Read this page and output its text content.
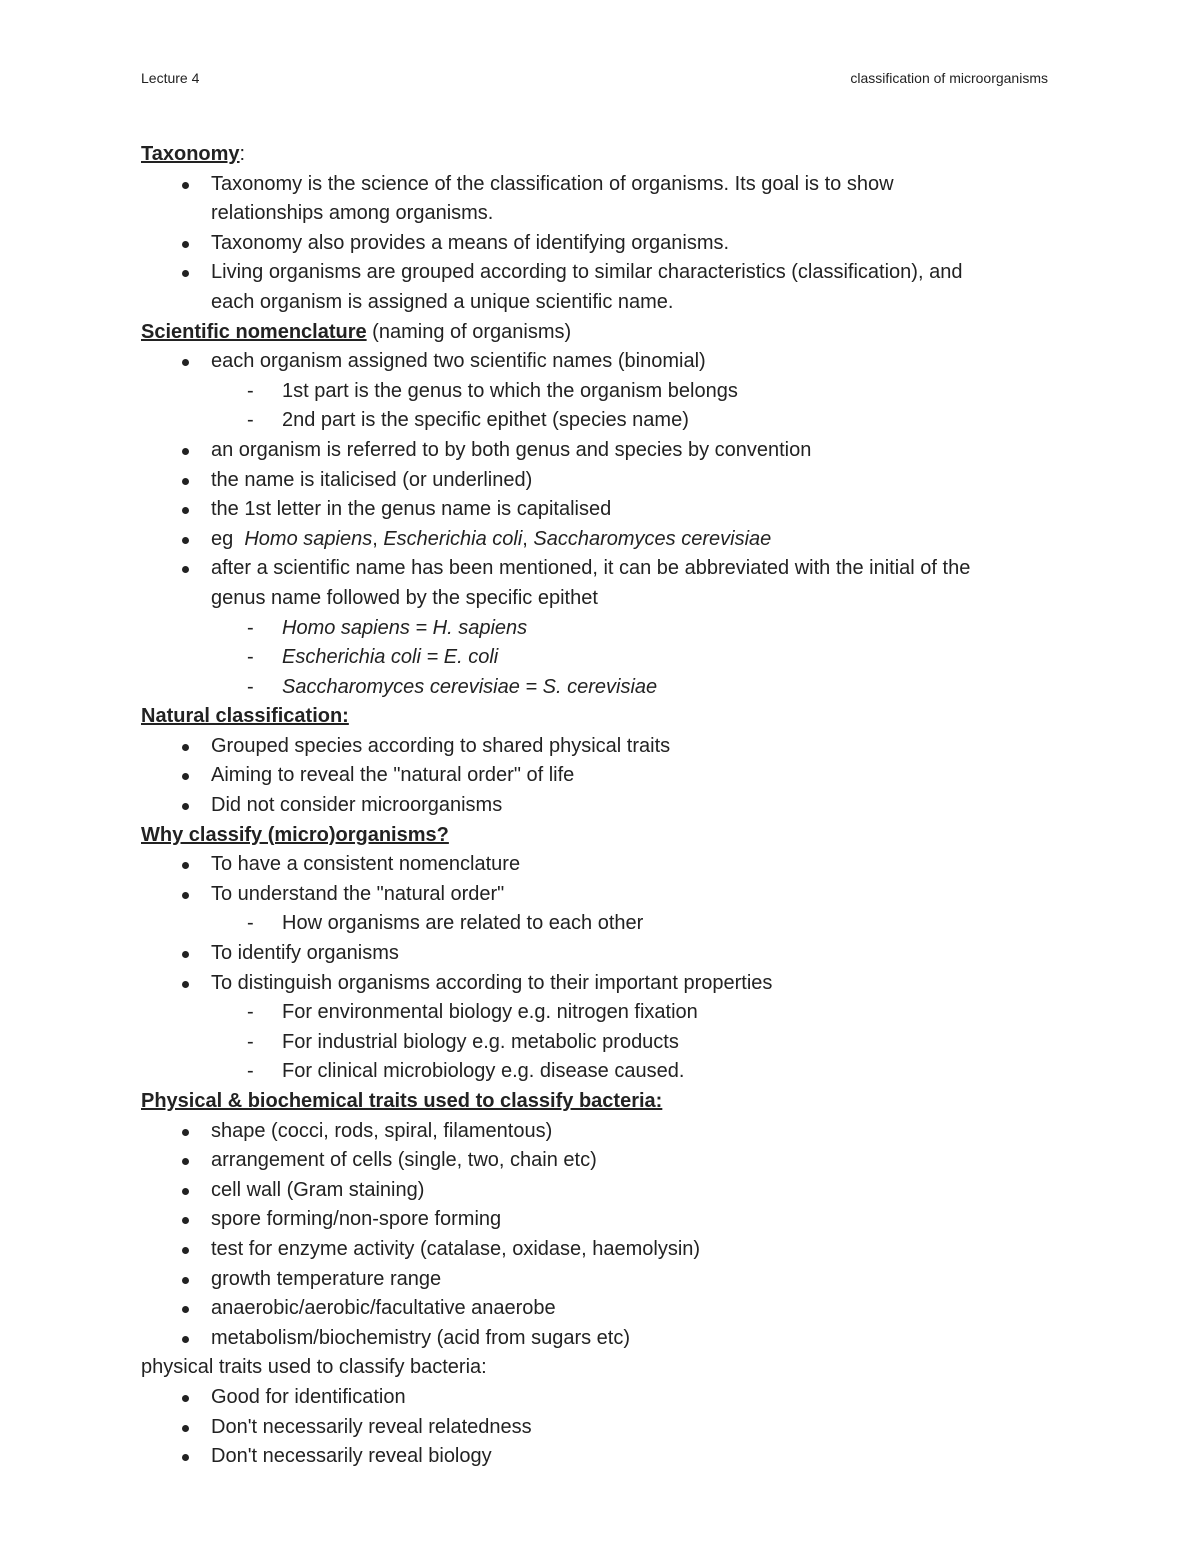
Lecture 4	classification of microorganisms
Taxonomy:
Taxonomy is the science of the classification of organisms. Its goal is to show
relationships among organisms.
Taxonomy also provides a means of identifying organisms.
Living organisms are grouped according to similar characteristics (classification), and
each organism is assigned a unique scientific name.
Scientific nomenclature (naming of organisms)
each organism assigned two scientific names (binomial)
- 1st part is the genus to which the organism belongs
- 2nd part is the specific epithet (species name)
an organism is referred to by both genus and species by convention
the name is italicised (or underlined)
the 1st letter in the genus name is capitalised
eg  Homo sapiens, Escherichia coli, Saccharomyces cerevisiae
after a scientific name has been mentioned, it can be abbreviated with the initial of the
genus name followed by the specific epithet
- Homo sapiens = H. sapiens
- Escherichia coli = E. coli
- Saccharomyces cerevisiae = S. cerevisiae
Natural classification:
Grouped species according to shared physical traits
Aiming to reveal the "natural order" of life
Did not consider microorganisms
Why classify (micro)organisms?
To have a consistent nomenclature
To understand the "natural order"
- How organisms are related to each other
To identify organisms
To distinguish organisms according to their important properties
- For environmental biology e.g. nitrogen fixation
- For industrial biology e.g. metabolic products
- For clinical microbiology e.g. disease caused.
Physical & biochemical traits used to classify bacteria:
shape (cocci, rods, spiral, filamentous)
arrangement of cells (single, two, chain etc)
cell wall (Gram staining)
spore forming/non-spore forming
test for enzyme activity (catalase, oxidase, haemolysin)
growth temperature range
anaerobic/aerobic/facultative anaerobe
metabolism/biochemistry (acid from sugars etc)
physical traits used to classify bacteria:
Good for identification
Don't necessarily reveal relatedness
Don't necessarily reveal biology
